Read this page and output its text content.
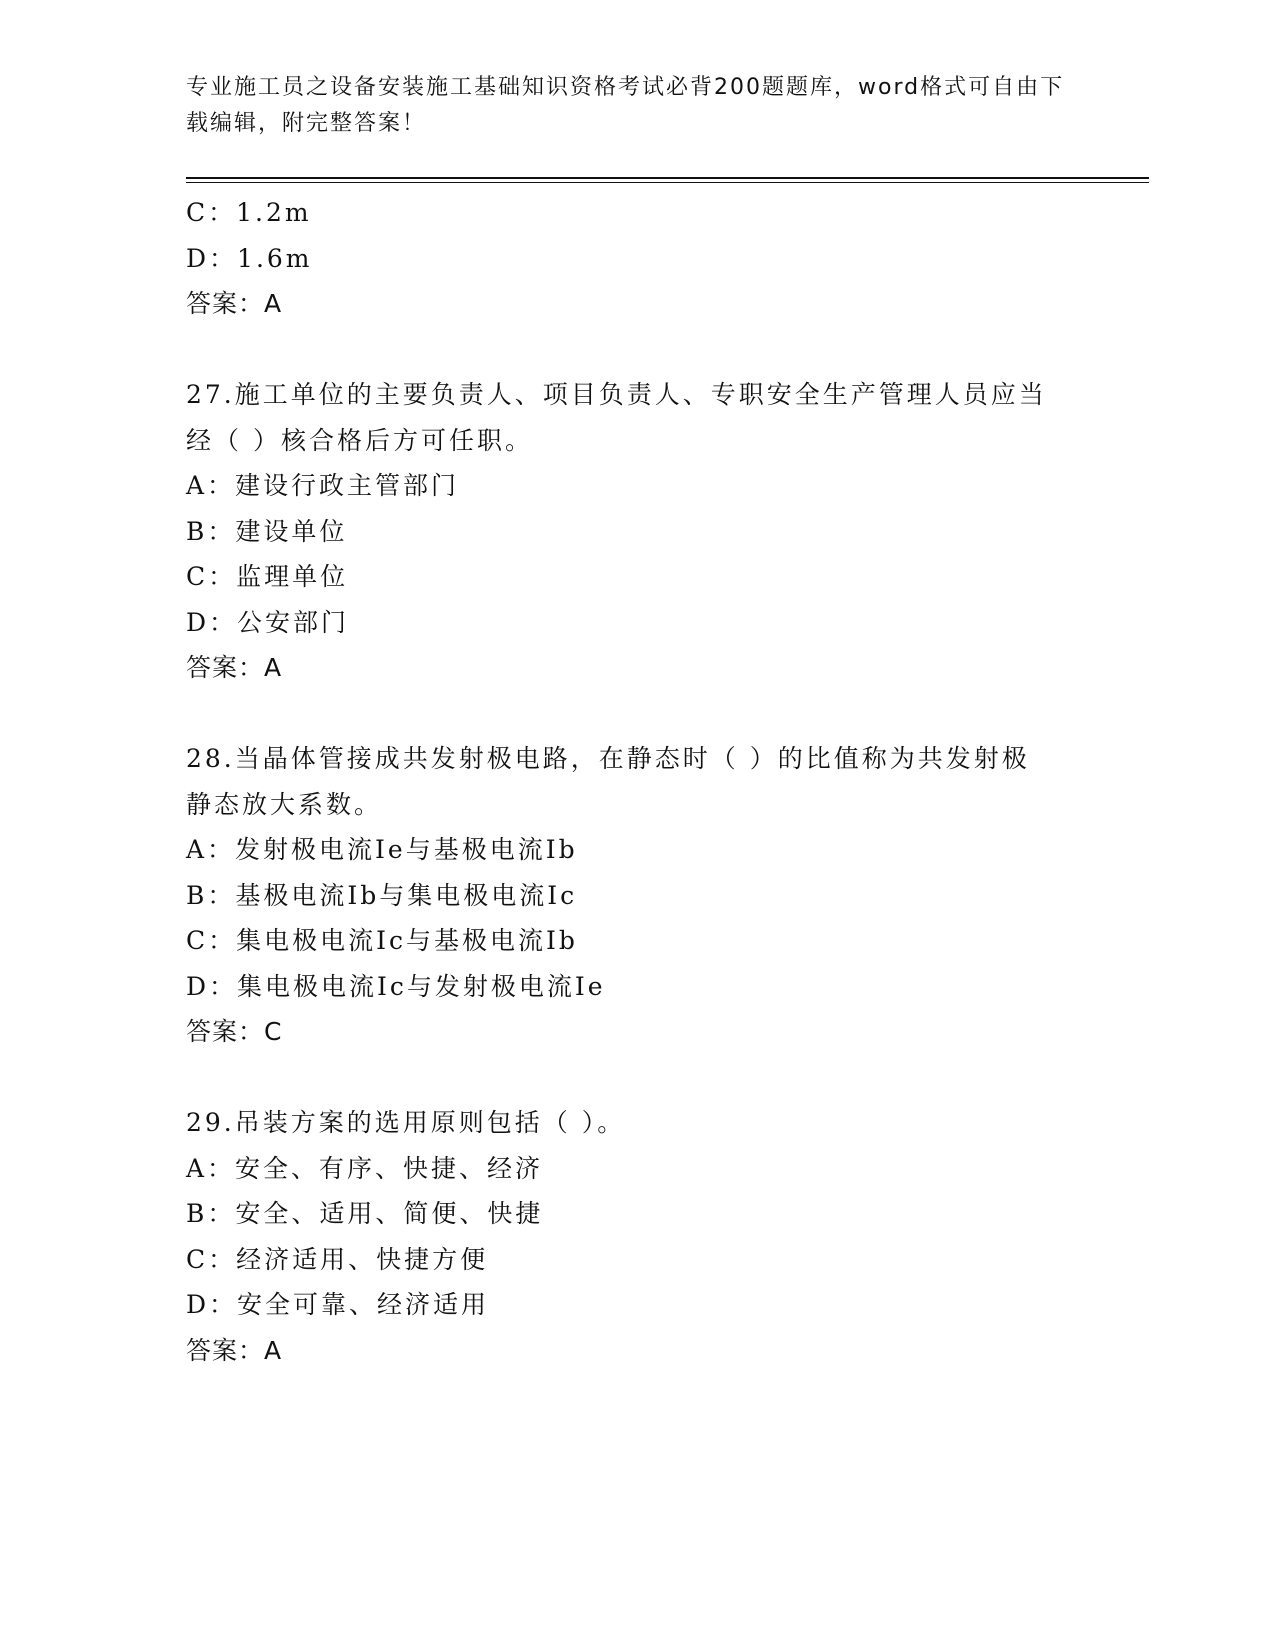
专业施工员之设备安装施工基础知识资格考试必背200题题库，word格式可自由下载编辑，附完整答案！
C：1.2m
D：1.6m
答案：A
27.施工单位的主要负责人、项目负责人、专职安全生产管理人员应当
经（ ）核合格后方可任职。
A：建设行政主管部门
B：建设单位
C：监理单位
D：公安部门
答案：A
28.当晶体管接成共发射极电路，在静态时（ ）的比值称为共发射极
静态放大系数。
A：发射极电流Ie与基极电流Ib
B：基极电流Ib与集电极电流Ic
C：集电极电流Ic与基极电流Ib
D：集电极电流Ic与发射极电流Ie
答案：C
29.吊装方案的选用原则包括（ ）。
A：安全、有序、快捷、经济
B：安全、适用、简便、快捷
C：经济适用、快捷方便
D：安全可靠、经济适用
答案：A
